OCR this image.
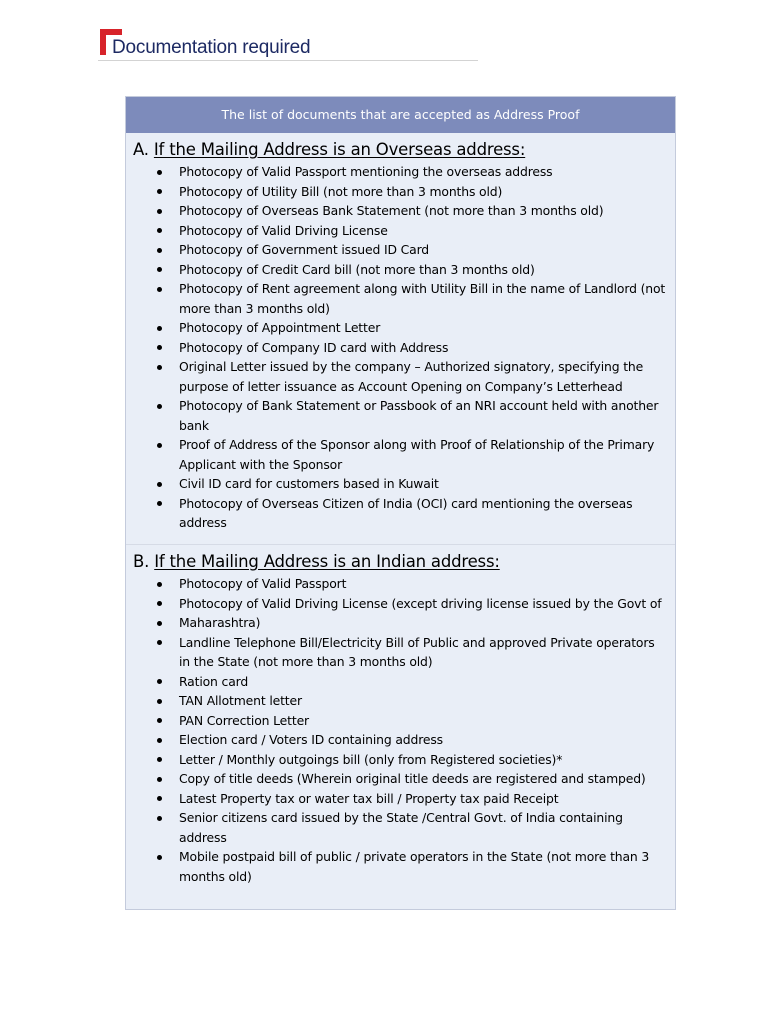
Documentation required
The list of documents that are accepted as Address Proof
A. If the Mailing Address is an Overseas address:
Photocopy of Valid Passport mentioning the overseas address
Photocopy of Utility Bill (not more than 3 months old)
Photocopy of Overseas Bank Statement (not more than 3 months old)
Photocopy of Valid Driving License
Photocopy of Government issued ID Card
Photocopy of Credit Card bill (not more than 3 months old)
Photocopy of Rent agreement along with Utility Bill in the name of Landlord (not more than 3 months old)
Photocopy of Appointment Letter
Photocopy of Company ID card with Address
Original Letter issued by the company – Authorized signatory, specifying the purpose of letter issuance as Account Opening on Company’s Letterhead
Photocopy of Bank Statement or Passbook of an NRI account held with another bank
Proof of Address of the Sponsor along with Proof of Relationship of the Primary Applicant with the Sponsor
Civil ID card for customers based in Kuwait
Photocopy of Overseas Citizen of India (OCI) card mentioning the overseas address
B. If the Mailing Address is an Indian address:
Photocopy of Valid Passport
Photocopy of Valid Driving License (except driving license issued by the Govt of
Maharashtra)
Landline Telephone Bill/Electricity Bill of Public and approved Private operators in the State (not more than 3 months old)
Ration card
TAN Allotment letter
PAN Correction Letter
Election card / Voters ID containing address
Letter / Monthly outgoings bill (only from Registered societies)*
Copy of title deeds (Wherein original title deeds are registered and stamped)
Latest Property tax or water tax bill / Property tax paid Receipt
Senior citizens card issued by the State /Central Govt. of India containing address
Mobile postpaid bill of public / private operators in the State (not more than 3 months old)
